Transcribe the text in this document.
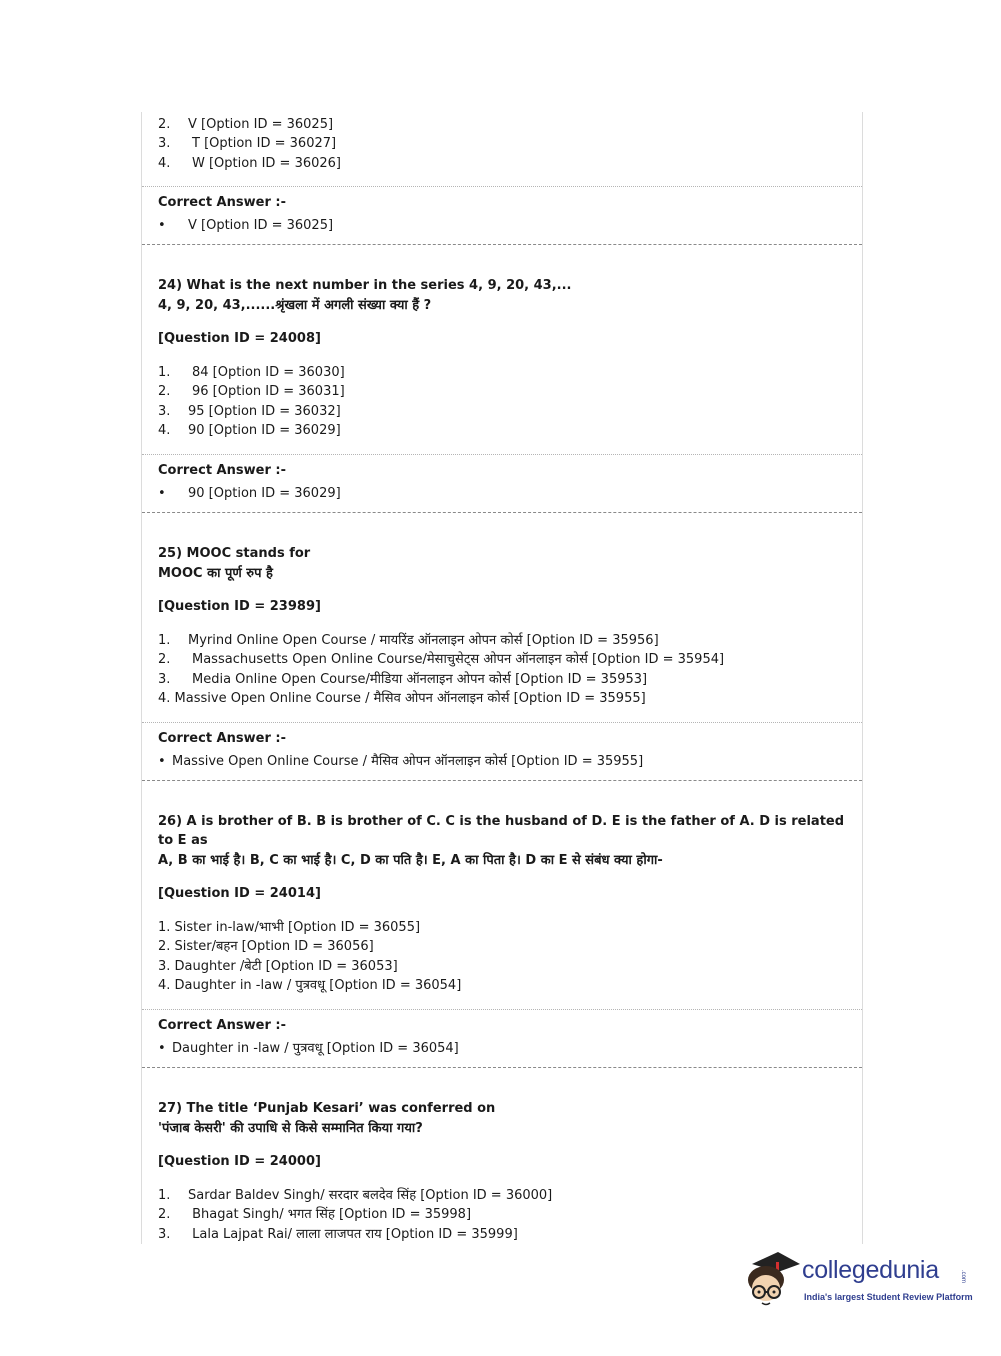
2. V [Option ID = 36025]
3. T [Option ID = 36027]
4. W [Option ID = 36026]
Correct Answer :-
• V [Option ID = 36025]
24) What is the next number in the series 4, 9, 20, 43,...
4, 9, 20, 43,......श्रृंखला में अगली संख्या क्या हैं ?
[Question ID = 24008]
1. 84 [Option ID = 36030]
2. 96 [Option ID = 36031]
3. 95 [Option ID = 36032]
4. 90 [Option ID = 36029]
Correct Answer :-
• 90 [Option ID = 36029]
25) MOOC stands for
MOOC का पूर्ण रुप है
[Question ID = 23989]
1. Myrind Online Open Course / मायरिंड ऑनलाइन ओपन कोर्स [Option ID = 35956]
2. Massachusetts Open Online Course/मेसाचुसेट्स ओपन ऑनलाइन कोर्स [Option ID = 35954]
3. Media Online Open Course/मीडिया ऑनलाइन ओपन कोर्स [Option ID = 35953]
4. Massive Open Online Course / मैसिव ओपन ऑनलाइन कोर्स [Option ID = 35955]
Correct Answer :-
• Massive Open Online Course / मैसिव ओपन ऑनलाइन कोर्स [Option ID = 35955]
26) A is brother of B. B is brother of C. C is the husband of D. E is the father of A. D is related to E as
A, B का भाई है। B, C का भाई है। C, D का पति है। E, A का पिता है। D का E से संबंध क्या होगा-
[Question ID = 24014]
1. Sister in-law/भाभी [Option ID = 36055]
2. Sister/बहन [Option ID = 36056]
3. Daughter /बेटी [Option ID = 36053]
4. Daughter in -law / पुत्रवधू [Option ID = 36054]
Correct Answer :-
• Daughter in -law / पुत्रवधू [Option ID = 36054]
27) The title ‘Punjab Kesari’ was conferred on
'पंजाब केसरी' की उपाधि से किसे सम्मानित किया गया?
[Question ID = 24000]
1. Sardar Baldev Singh/ सरदार बलदेव सिंह [Option ID = 36000]
2. Bhagat Singh/ भगत सिंह [Option ID = 35998]
3. Lala Lajpat Rai/ लाला लाजपत राय [Option ID = 35999]
collegedunia	.com
India's largest Student Review Platform
